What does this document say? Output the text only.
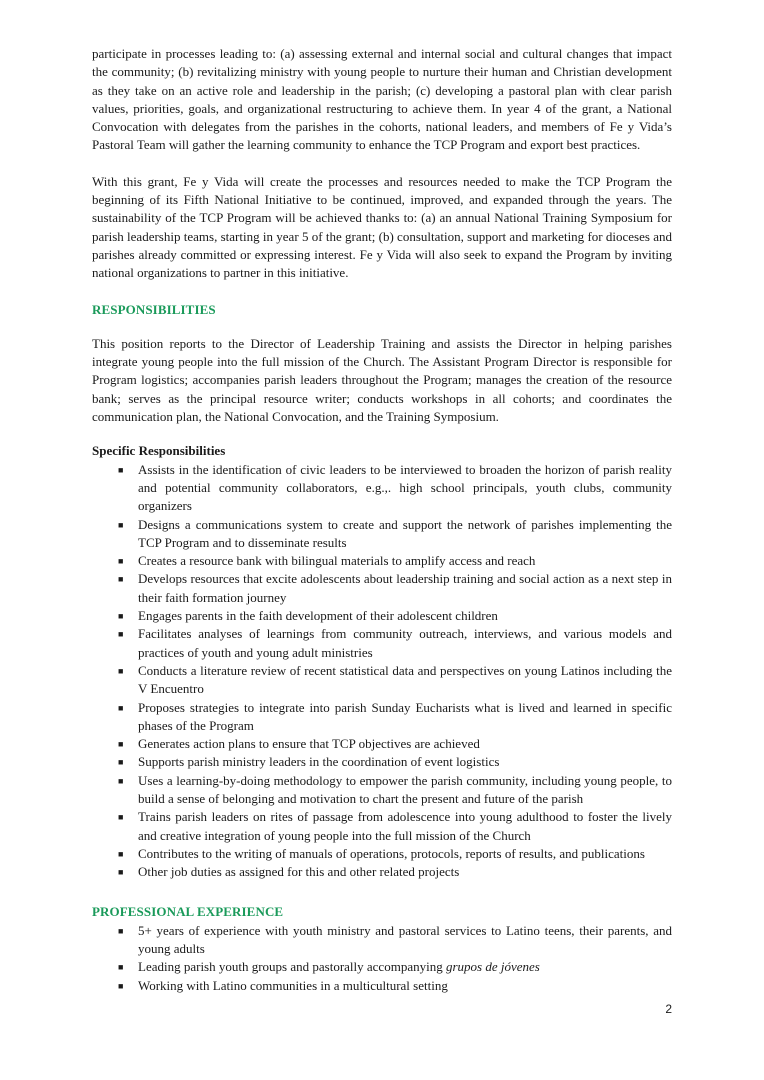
participate in processes leading to: (a) assessing external and internal social and cultural changes that impact the community; (b) revitalizing ministry with young people to nurture their human and Christian development as they take on an active role and leadership in the parish; (c) developing a pastoral plan with clear parish values, priorities, goals, and organizational restructuring to achieve them. In year 4 of the grant, a National Convocation with delegates from the parishes in the cohorts, national leaders, and members of Fe y Vida’s Pastoral Team will gather the learning community to enhance the TCP Program and export best practices.

With this grant, Fe y Vida will create the processes and resources needed to make the TCP Program the beginning of its Fifth National Initiative to be continued, improved, and expanded through the years. The sustainability of the TCP Program will be achieved thanks to: (a) an annual National Training Symposium for parish leadership teams, starting in year 5 of the grant; (b) consultation, support and marketing for dioceses and parishes already committed or expressing interest. Fe y Vida will also seek to expand the Program by inviting national organizations to partner in this initiative.

RESPONSIBILITIES

This position reports to the Director of Leadership Training and assists the Director in helping parishes integrate young people into the full mission of the Church. The Assistant Program Director is responsible for Program logistics; accompanies parish leaders throughout the Program; manages the creation of the resource bank; serves as the principal resource writer; conducts workshops in all cohorts; and coordinates the communication plan, the National Convocation, and the Training Symposium.

Specific Responsibilities
■ Assists in the identification of civic leaders to be interviewed to broaden the horizon of parish reality and potential community collaborators, e.g.,. high school principals, youth clubs, community organizers
■ Designs a communications system to create and support the network of parishes implementing the TCP Program and to disseminate results
■ Creates a resource bank with bilingual materials to amplify access and reach
■ Develops resources that excite adolescents about leadership training and social action as a next step in their faith formation journey
■ Engages parents in the faith development of their adolescent children
■ Facilitates analyses of learnings from community outreach, interviews, and various models and practices of youth and young adult ministries
■ Conducts a literature review of recent statistical data and perspectives on young Latinos including the V Encuentro
■ Proposes strategies to integrate into parish Sunday Eucharists what is lived and learned in specific phases of the Program
■ Generates action plans to ensure that TCP objectives are achieved
■ Supports parish ministry leaders in the coordination of event logistics
■ Uses a learning-by-doing methodology to empower the parish community, including young people, to build a sense of belonging and motivation to chart the present and future of the parish
■ Trains parish leaders on rites of passage from adolescence into young adulthood to foster the lively and creative integration of young people into the full mission of the Church
■ Contributes to the writing of manuals of operations, protocols, reports of results, and publications
■ Other job duties as assigned for this and other related projects
PROFESSIONAL EXPERIENCE
■ 5+ years of experience with youth ministry and pastoral services to Latino teens, their parents, and young adults
■ Leading parish youth groups and pastorally accompanying grupos de jóvenes
■ Working with Latino communities in a multicultural setting
2
